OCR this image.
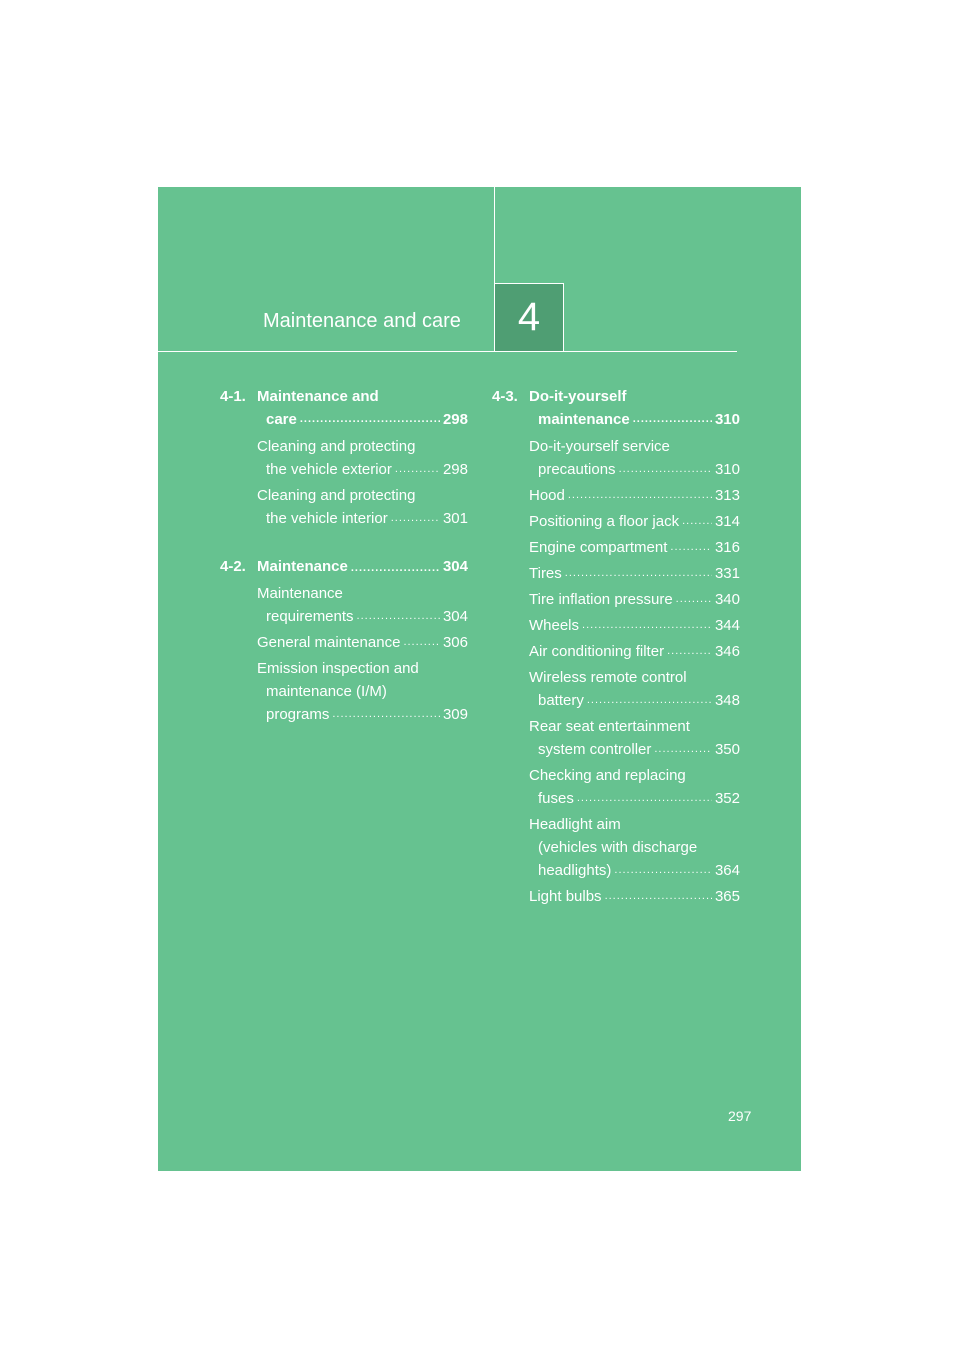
4
Maintenance and care
4-1. Maintenance and
care .....	298
Cleaning and protecting
the vehicle exterior .....	298
Cleaning and protecting
the vehicle interior .....	301
4-2. Maintenance .....	304
Maintenance
requirements .....	304
General maintenance .....	306
Emission inspection and
maintenance (I/M)
programs .....	309
4-3. Do-it-yourself
maintenance .....	310
Do-it-yourself service
precautions .....	310
Hood .....	313
Positioning a floor jack ..... 314
Engine compartment .....	316
Tires .....	331
Tire inflation pressure .....	340
Wheels .....	344
Air conditioning filter .....	346
Wireless remote control
battery .....	348
Rear seat entertainment
system controller .....	350
Checking and replacing
fuses .....	352
Headlight aim
(vehicles with discharge
headlights) .....	364
Light bulbs .....	365
297
